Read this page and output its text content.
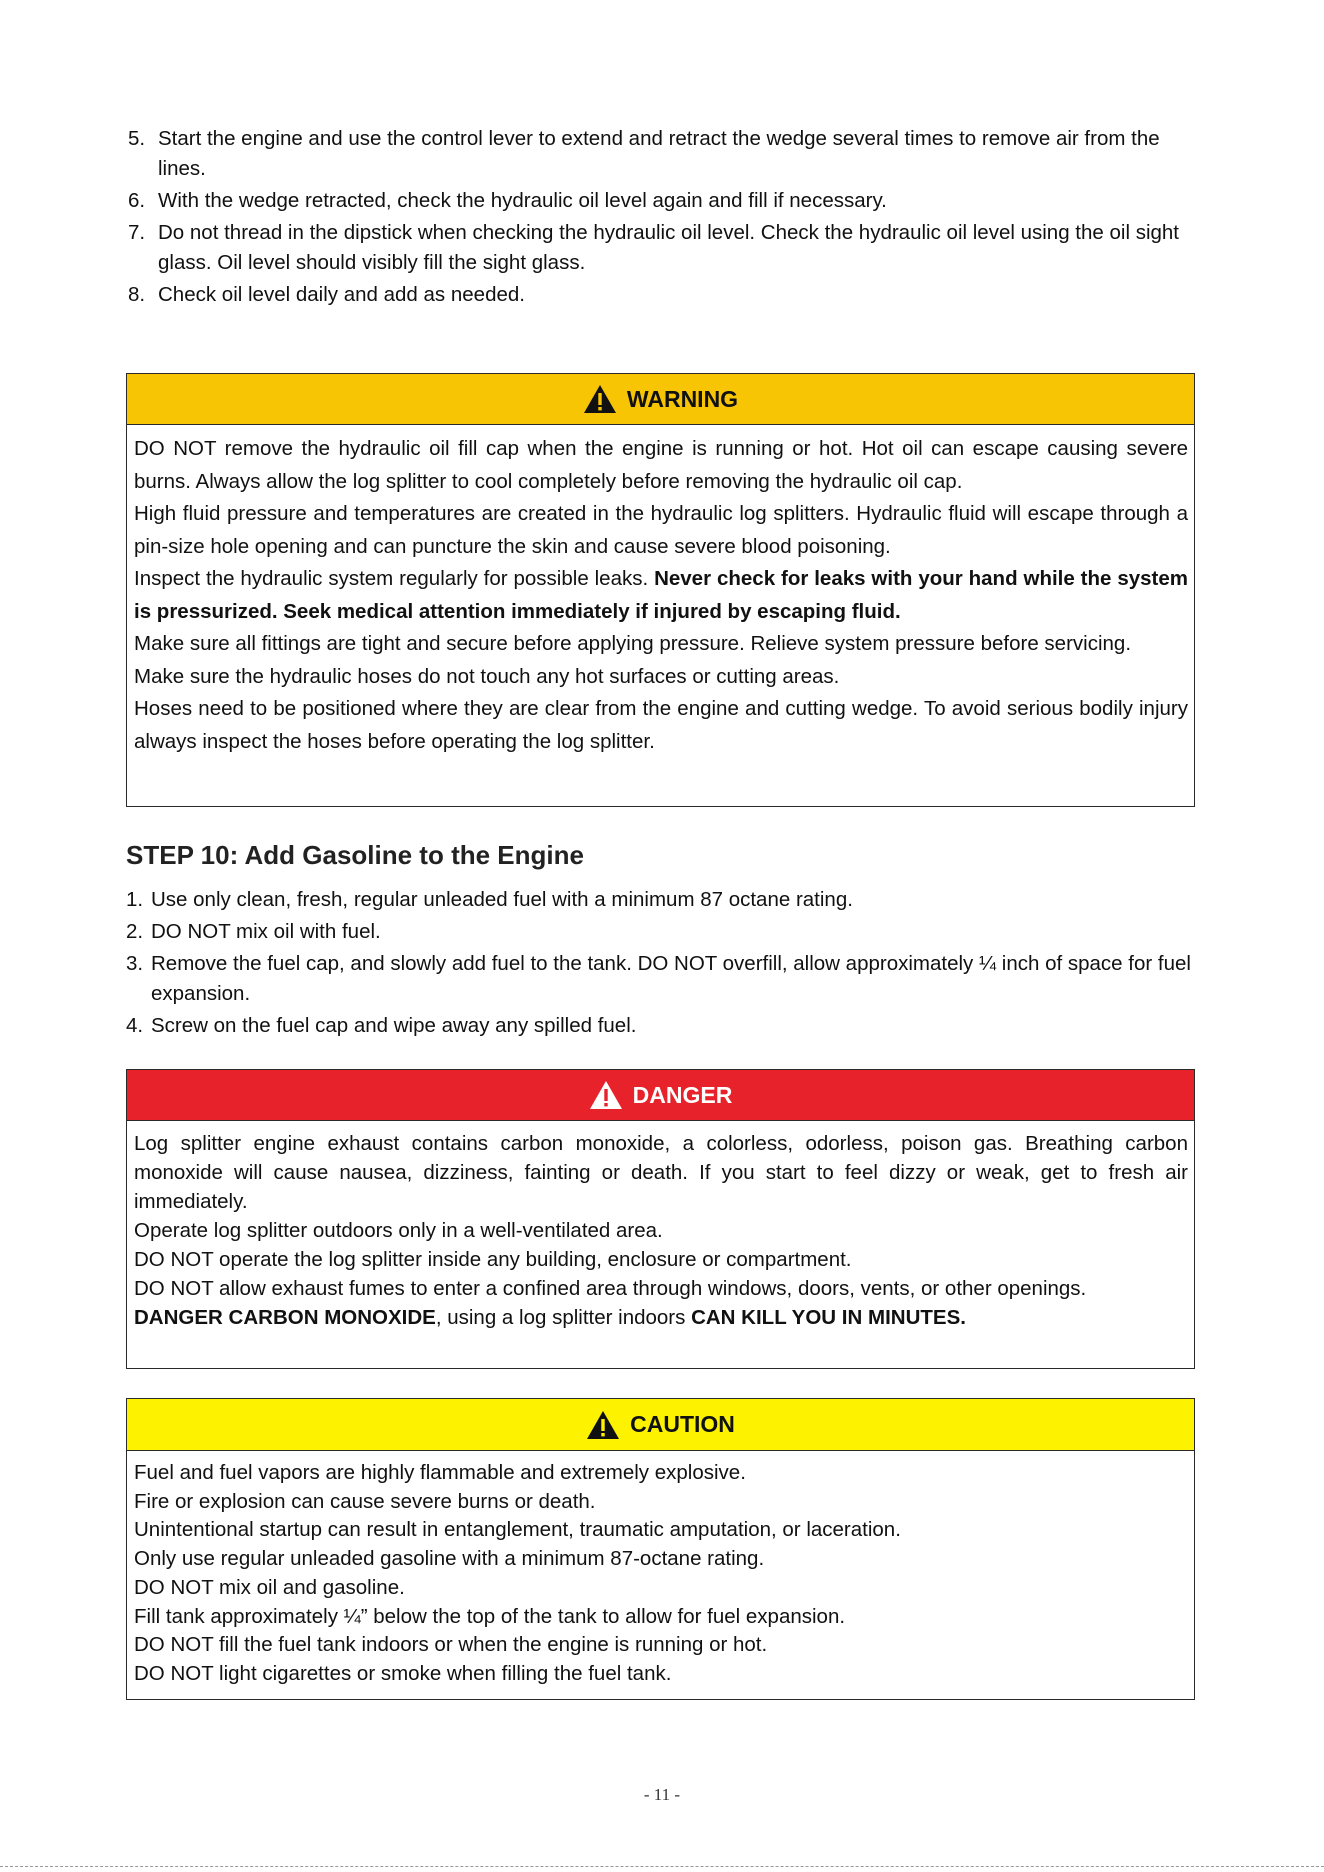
5. Start the engine and use the control lever to extend and retract the wedge several times to remove air from the lines.
6. With the wedge retracted, check the hydraulic oil level again and fill if necessary.
7. Do not thread in the dipstick when checking the hydraulic oil level. Check the hydraulic oil level using the oil sight glass. Oil level should visibly fill the sight glass.
8. Check oil level daily and add as needed.
WARNING

DO NOT remove the hydraulic oil fill cap when the engine is running or hot. Hot oil can escape causing severe burns. Always allow the log splitter to cool completely before removing the hydraulic oil cap.

High fluid pressure and temperatures are created in the hydraulic log splitters. Hydraulic fluid will escape through a pin-size hole opening and can puncture the skin and cause severe blood poisoning.

Inspect the hydraulic system regularly for possible leaks. Never check for leaks with your hand while the system is pressurized. Seek medical attention immediately if injured by escaping fluid.

Make sure all fittings are tight and secure before applying pressure. Relieve system pressure before servicing.

Make sure the hydraulic hoses do not touch any hot surfaces or cutting areas.

Hoses need to be positioned where they are clear from the engine and cutting wedge. To avoid serious bodily injury always inspect the hoses before operating the log splitter.

STEP 10: Add Gasoline to the Engine
1. Use only clean, fresh, regular unleaded fuel with a minimum 87 octane rating.
2. DO NOT mix oil with fuel.
3. Remove the fuel cap, and slowly add fuel to the tank. DO NOT overfill, allow approximately ¼ inch of space for fuel expansion.
4. Screw on the fuel cap and wipe away any spilled fuel.
DANGER

Log splitter engine exhaust contains carbon monoxide, a colorless, odorless, poison gas. Breathing carbon monoxide will cause nausea, dizziness, fainting or death. If you start to feel dizzy or weak, get to fresh air immediately.

Operate log splitter outdoors only in a well-ventilated area.

DO NOT operate the log splitter inside any building, enclosure or compartment.

DO NOT allow exhaust fumes to enter a confined area through windows, doors, vents, or other openings.

DANGER CARBON MONOXIDE, using a log splitter indoors CAN KILL YOU IN MINUTES.

CAUTION

Fuel and fuel vapors are highly flammable and extremely explosive.

Fire or explosion can cause severe burns or death.

Unintentional startup can result in entanglement, traumatic amputation, or laceration.

Only use regular unleaded gasoline with a minimum 87-octane rating.

DO NOT mix oil and gasoline.

Fill tank approximately ¼” below the top of the tank to allow for fuel expansion.

DO NOT fill the fuel tank indoors or when the engine is running or hot.

DO NOT light cigarettes or smoke when filling the fuel tank.

- 11 -
